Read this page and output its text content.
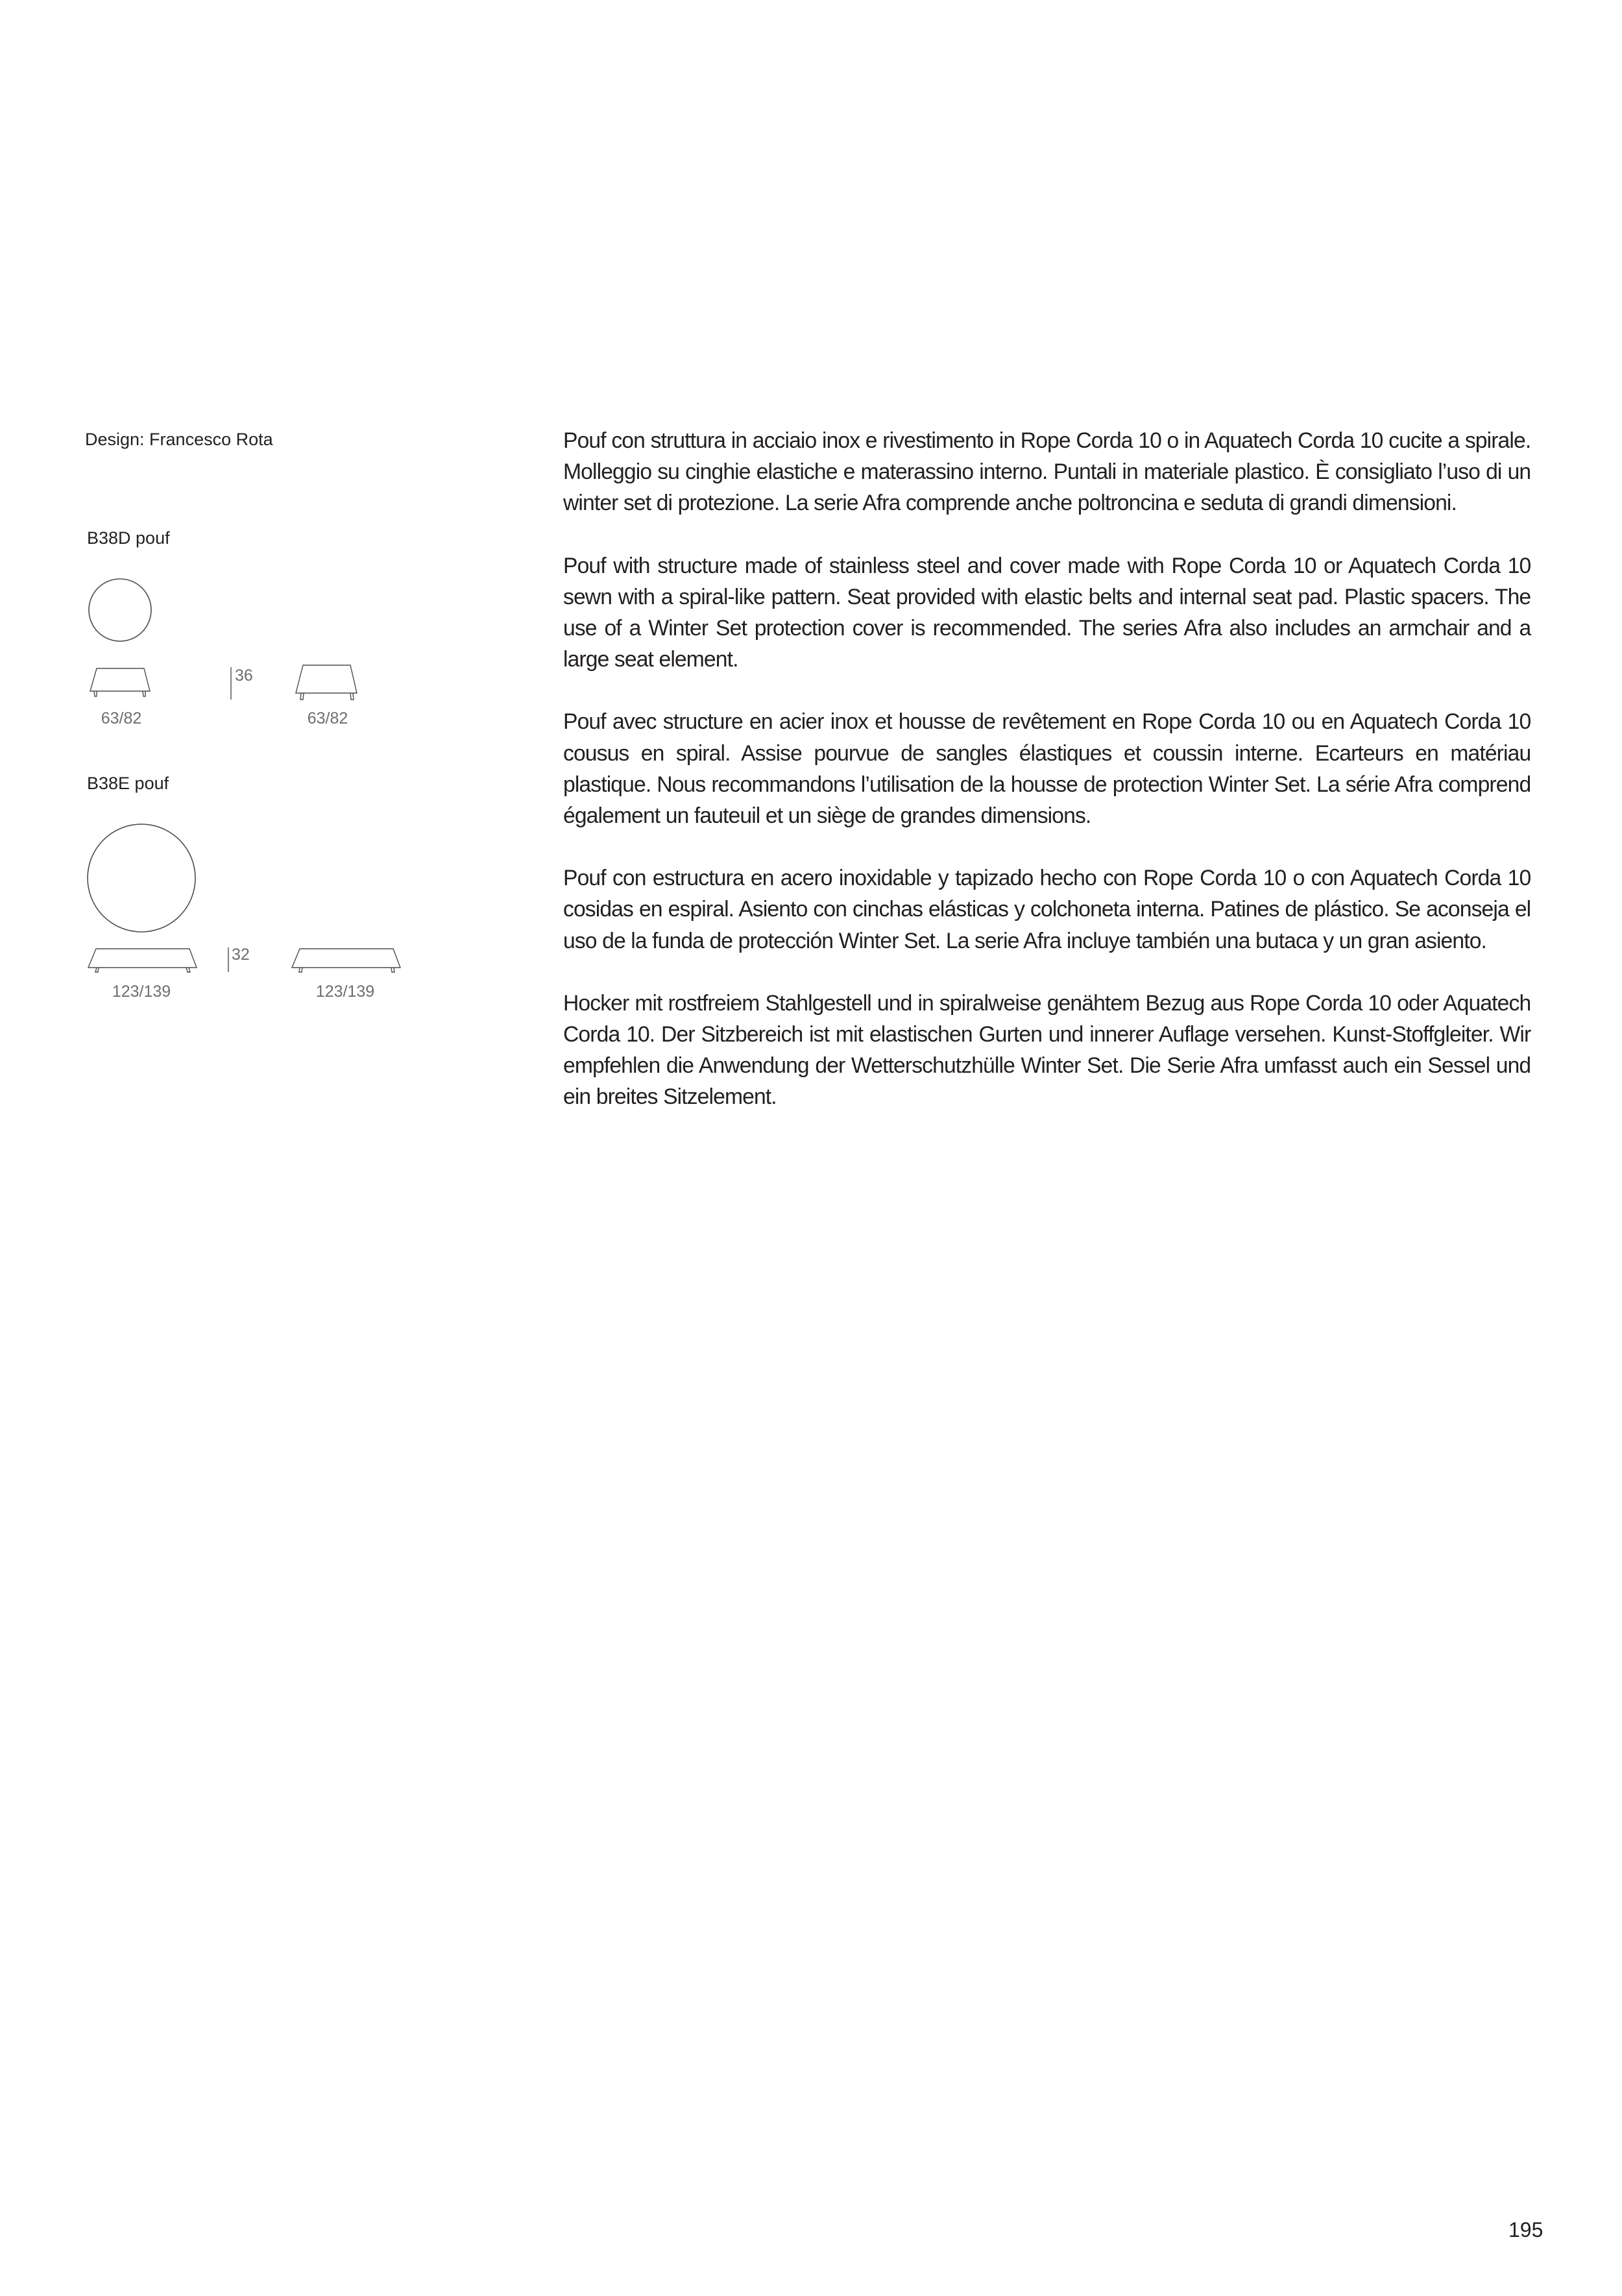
Design: Francesco Rota
B38D pouf
36
63/82	63/82
B38E pouf
32
123/139	123/139

Pouf con struttura in acciaio inox e rivestimento in Rope Corda 10 o in Aquatech Corda 10 cucite a spirale. Molleggio su cinghie elastiche e materassino interno. Puntali in materiale plastico. È consigliato l’uso di un winter set di protezione. La serie Afra comprende anche poltroncina e seduta di grandi dimensioni.

Pouf with structure made of stainless steel and cover made with Rope Corda 10 or Aquatech Corda 10 sewn with a spiral-like pattern. Seat provided with elastic belts and internal seat pad. Plastic spacers. The use of a Winter Set protection cover is recommended. The series Afra also includes an armchair and a large seat element.

Pouf avec structure en acier inox et housse de revêtement en Rope Corda 10 ou en Aquatech Corda 10 cousus en spiral. Assise pourvue de sangles élastiques et coussin interne. Ecarteurs en matériau plastique. Nous recommandons l’utilisation de la housse de protection Winter Set. La série Afra comprend également un fauteuil et un siège de grandes dimensions.

Pouf con estructura en acero inoxidable y tapizado hecho con Rope Corda 10 o con Aquatech Corda 10 cosidas en espiral. Asiento con cinchas elásticas y colchoneta interna. Patines de plástico. Se aconseja el uso de la funda de protección Winter Set. La serie Afra incluye también una butaca y un gran asiento.

Hocker mit rostfreiem Stahlgestell und in spiralweise genähtem Bezug aus Rope Corda 10 oder Aquatech Corda 10. Der Sitzbereich ist mit elastischen Gurten und innerer Auflage versehen. Kunst-Stoffgleiter. Wir empfehlen die Anwendung der Wetterschutzhülle Winter Set. Die Serie Afra umfasst auch ein Sessel und ein breites Sitzelement.

195
